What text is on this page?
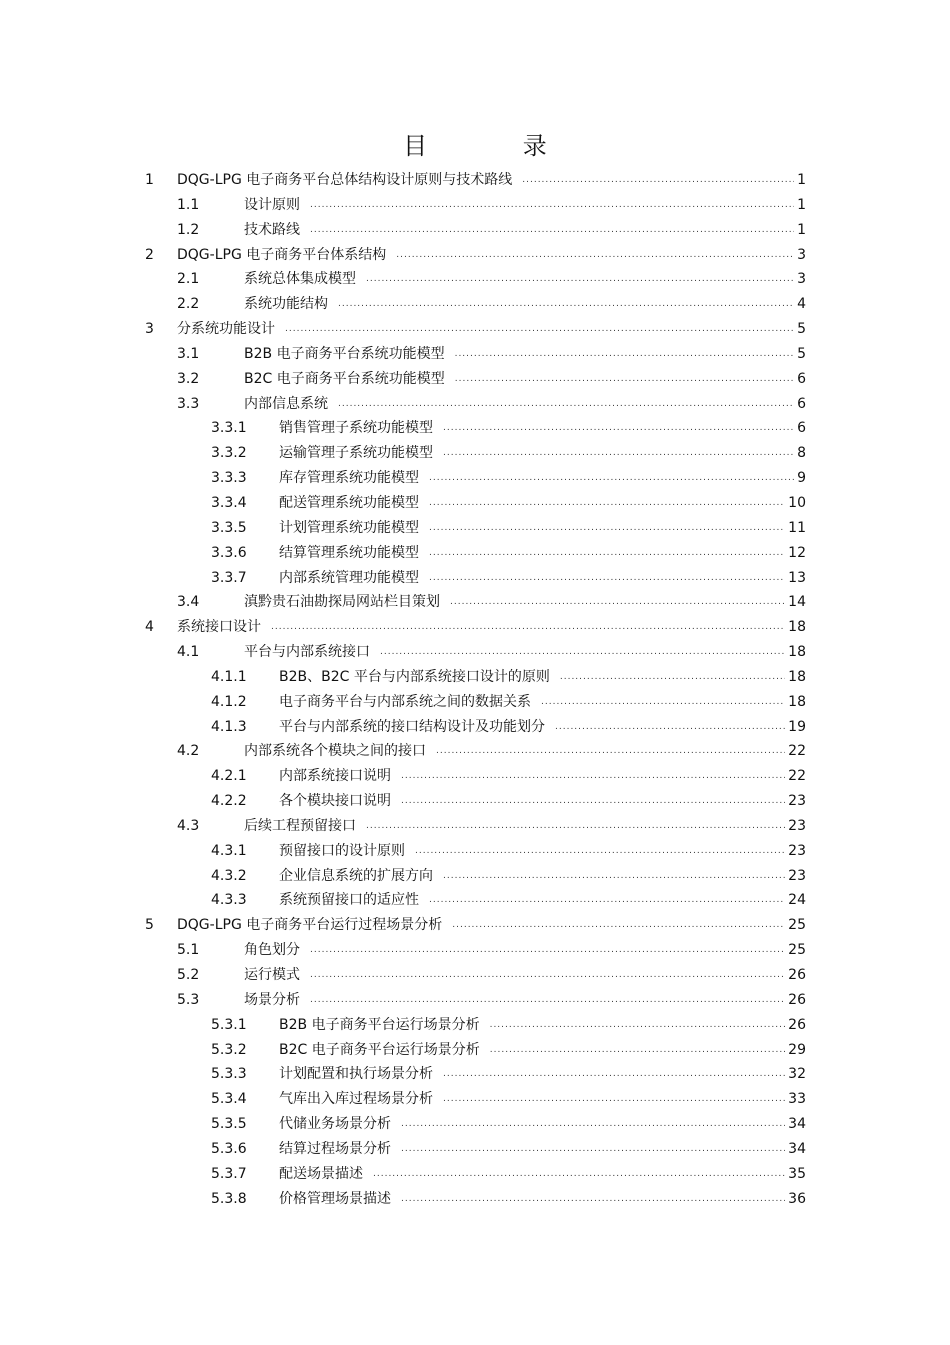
目 录
1 DQG-LPG 电子商务平台总体结构设计原则与技术路线 .....	1
1.1	设计原则 .....	1
1.2	技术路线 .....	1
2 DQG-LPG 电子商务平台体系结构 .....	3
2.1	系统总体集成模型 .....	3
2.2	系统功能结构 .....	4
3 分系统功能设计 .....	5
3.1	B2B 电子商务平台系统功能模型 .....	5
3.2	B2C 电子商务平台系统功能模型 .....	6
3.3	内部信息系统 .....	6
3.3.1 销售管理子系统功能模型 .....	6
3.3.2 运输管理子系统功能模型 .....	8
3.3.3 库存管理系统功能模型 .....	9
3.3.4 配送管理系统功能模型 .....	10
3.3.5 计划管理系统功能模型 .....	11
3.3.6 结算管理系统功能模型 .....	12
3.3.7 内部系统管理功能模型 .....	13
3.4	滇黔贵石油勘探局网站栏目策划 .....	14
4 系统接口设计 .....	18
4.1	平台与内部系统接口 .....	18
4.1.1 B2B、B2C 平台与内部系统接口设计的原则 .....	18
4.1.2 电子商务平台与内部系统之间的数据关系 .....	18
4.1.3 平台与内部系统的接口结构设计及功能划分 .....	19
4.2	内部系统各个模块之间的接口 .....	22
4.2.1 内部系统接口说明 .....	22
4.2.2 各个模块接口说明 .....	23
4.3	后续工程预留接口 .....	23
4.3.1 预留接口的设计原则 .....	23
4.3.2 企业信息系统的扩展方向 .....	23
4.3.3 系统预留接口的适应性 .....	24
5 DQG-LPG 电子商务平台运行过程场景分析 .....	25
5.1	角色划分 .....	25
5.2	运行模式 .....	26
5.3	场景分析 .....	26
5.3.1 B2B 电子商务平台运行场景分析 .....	26
5.3.2 B2C 电子商务平台运行场景分析 .....	29
5.3.3 计划配置和执行场景分析 .....	32
5.3.4 气库出入库过程场景分析 .....	33
5.3.5 代储业务场景分析 .....	34
5.3.6 结算过程场景分析 .....	34
5.3.7 配送场景描述 .....	35
5.3.8 价格管理场景描述 .....	36
